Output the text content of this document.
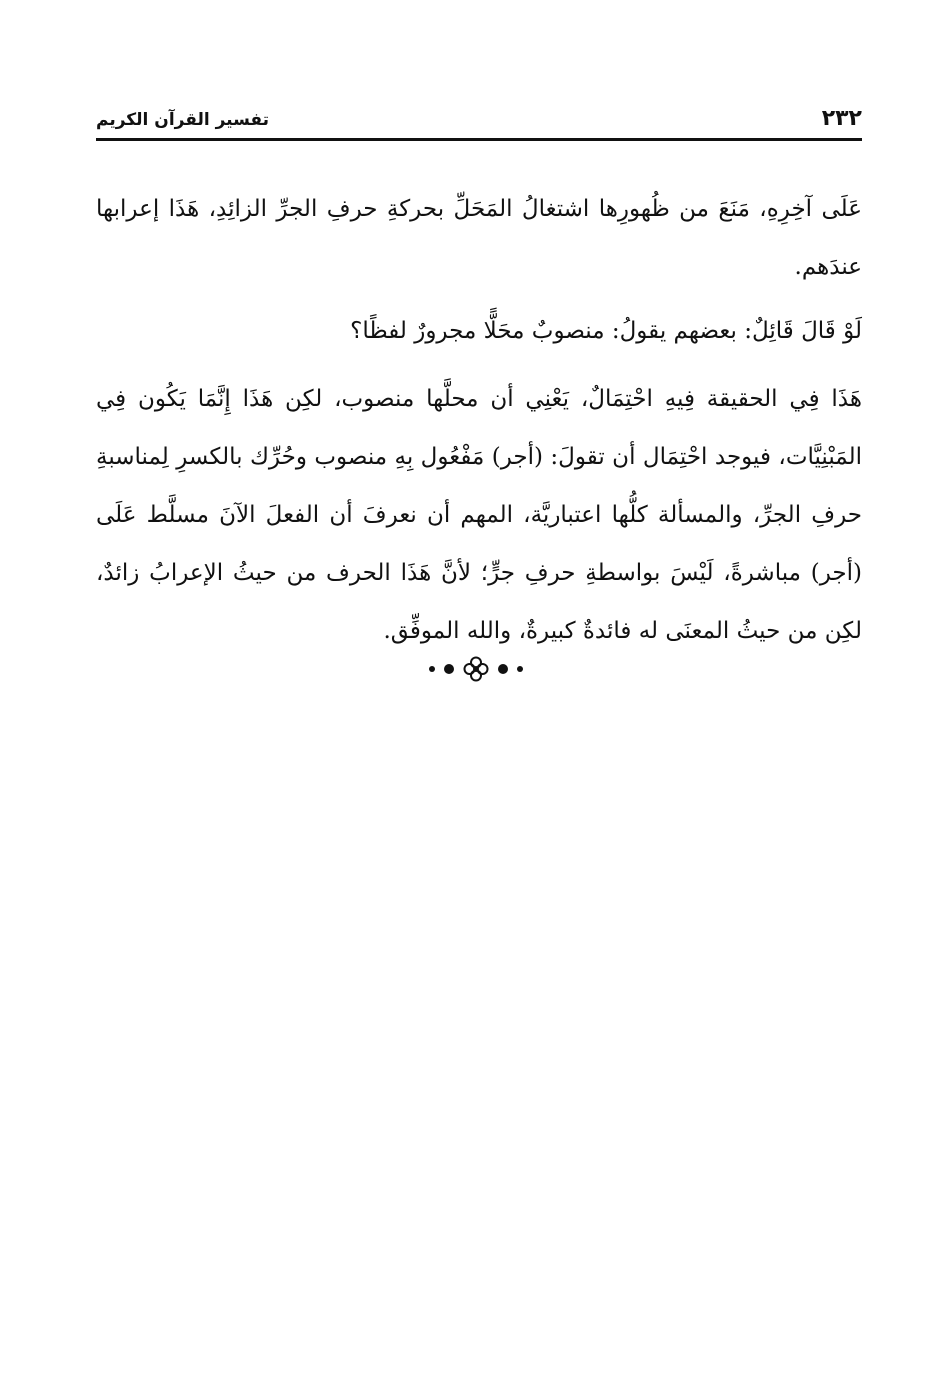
٢٣٢
تفسير القرآن الكريم

عَلَى آخِرِهِ، مَنَعَ من ظُهورِها اشتغالُ المَحَلِّ بحركةِ حرفِ الجرِّ الزائِدِ، هَذَا إعرابها عندَهم.

لَوْ قَالَ قَائِلٌ: بعضهم يقولُ: منصوبٌ محَلًّا مجرورٌ لفظًا؟

هَذَا فِي الحقيقة فِيهِ احْتِمَالٌ، يَعْنِي أن محلَّها منصوب، لكِن هَذَا إِنَّمَا يَكُون فِي المَبْنِيَّات، فيوجد احْتِمَال أن تقولَ: (أجر) مَفْعُول بِهِ منصوب وحُرِّك بالكسرِ لِمناسبةِ حرفِ الجرِّ، والمسألة كلُّها اعتباريَّة، المهم أن نعرفَ أن الفعلَ الآنَ مسلَّط عَلَى (أجر) مباشرةً، لَيْسَ بواسطةِ حرفِ جرٍّ؛ لأنَّ هَذَا الحرف من حيثُ الإعرابُ زائدٌ، لكِن من حيثُ المعنَى له فائدةٌ كبيرةٌ، والله الموفِّق.
